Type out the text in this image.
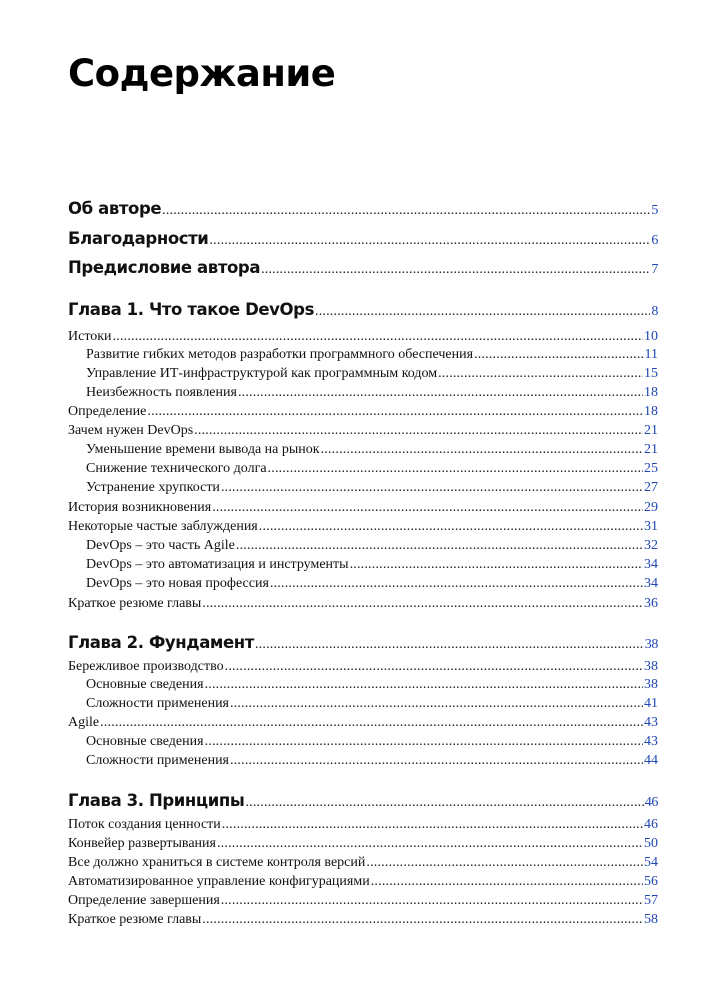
Содержание
Об авторе .....	5
Благодарности .....	6
Предисловие автора .....	7
Глава 1. Что такое DevOps .....	8
Истоки .....	10
Развитие гибких методов разработки программного обеспечения .....	11
Управление ИТ-инфраструктурой как программным кодом .....	15
Неизбежность появления .....	18
Определение .....	18
Зачем нужен DevOps .....	21
Уменьшение времени вывода на рынок .....	21
Снижение технического долга .....	25
Устранение хрупкости .....	27
История возникновения .....	29
Некоторые частые заблуждения .....	31
DevOps – это часть Agile .....	32
DevOps – это автоматизация и инструменты .....	34
DevOps – это новая профессия .....	34
Краткое резюме главы .....	36
Глава 2. Фундамент .....	38
Бережливое производство .....	38
Основные сведения .....	38
Сложности применения .....	41
Agile .....	43
Основные сведения .....	43
Сложности применения .....	44
Глава 3. Принципы .....	46
Поток создания ценности .....	46
Конвейер развертывания .....	50
Все должно храниться в системе контроля версий .....	54
Автоматизированное управление конфигурациями .....	56
Определение завершения .....	57
Краткое резюме главы .....	58
